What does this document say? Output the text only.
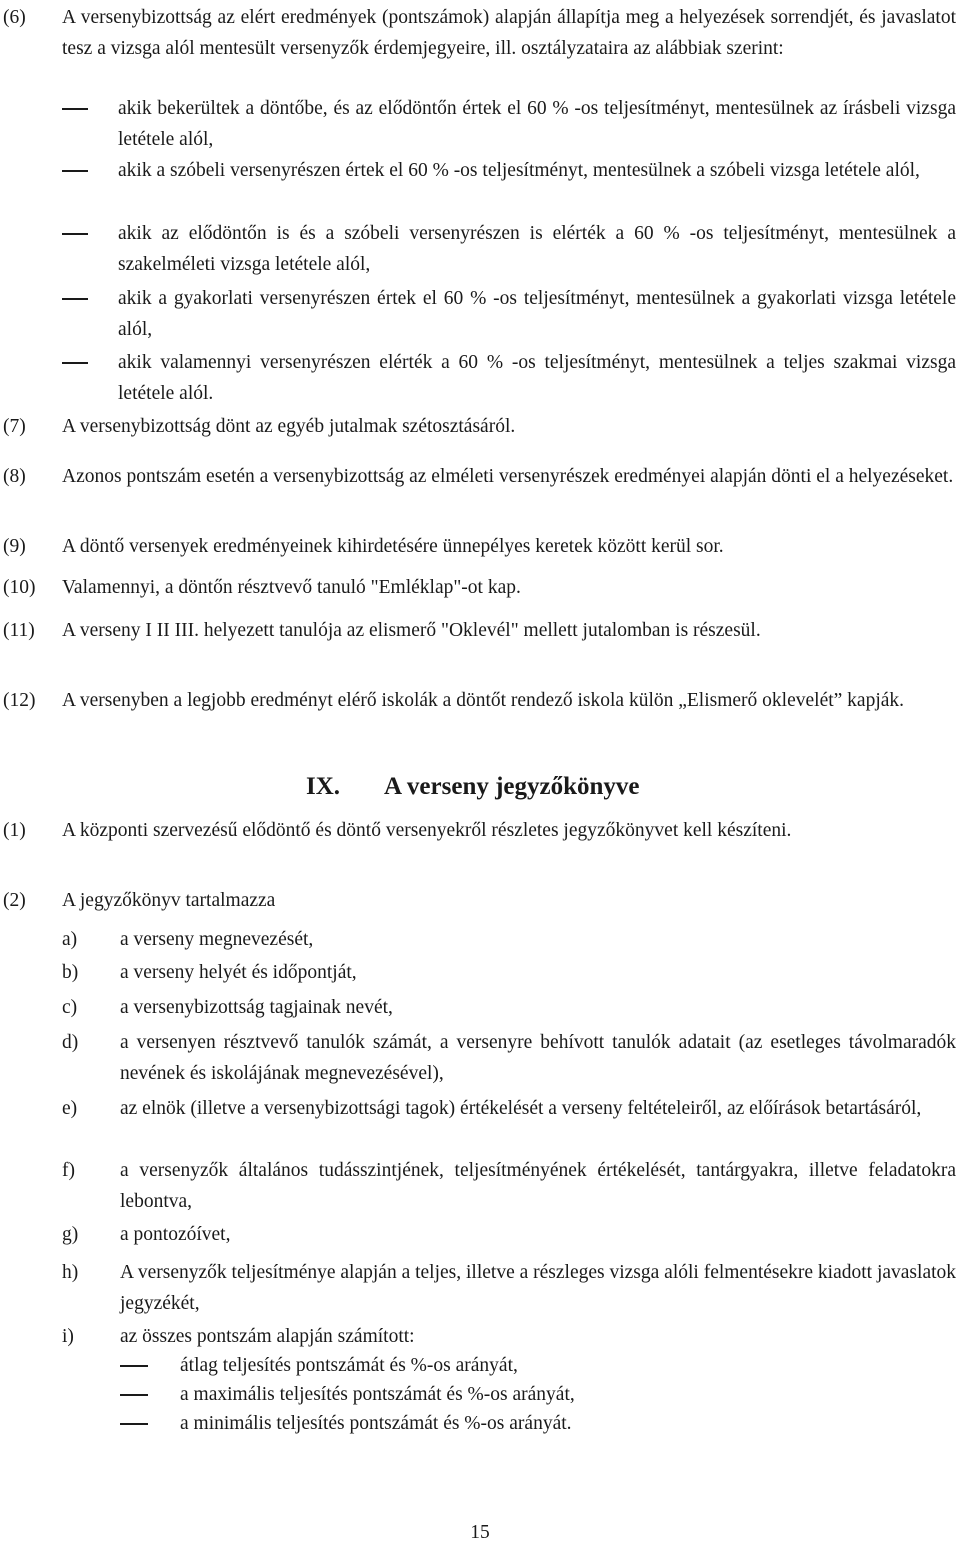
(6) A versenybizottság az elért eredmények (pontszámok) alapján állapítja meg a helyezések sorrendjét, és javaslatot tesz a vizsga alól mentesült versenyzők érdemjegyeire, ill. osztályzataira az alábbiak szerint:
akik bekerültek a döntőbe, és az elődöntőn értek el 60 % -os teljesítményt, mentesülnek az írásbeli vizsga letétele alól,
akik a szóbeli versenyrészen értek el 60 % -os teljesítményt, mentesülnek a szóbeli vizsga letétele alól,
akik az elődöntőn is és a szóbeli versenyrészen is elérték a 60 % -os teljesítményt, mentesülnek a szakelméleti vizsga letétele alól,
akik a gyakorlati versenyrészen értek el 60 % -os teljesítményt, mentesülnek a gyakorlati vizsga letétele alól,
akik valamennyi versenyrészen elérték a 60 % -os teljesítményt, mentesülnek a teljes szakmai vizsga letétele alól.
(7) A versenybizottság dönt az egyéb jutalmak szétosztásáról.
(8) Azonos pontszám esetén a versenybizottság az elméleti versenyrészek eredményei alapján dönti el a helyezéseket.
(9) A döntő versenyek eredményeinek kihirdetésére ünnepélyes keretek között kerül sor.
(10) Valamennyi, a döntőn résztvevő tanuló "Emléklap"-ot kap.
(11) A verseny I II III. helyezett tanulója az elismerő "Oklevél" mellett jutalomban is részesül.
(12) A versenyben a legjobb eredményt elérő iskolák a döntőt rendező iskola külön „Elismerő oklevelét” kapják.
IX. A verseny jegyzőkönyve
(1) A központi szervezésű elődöntő és döntő versenyekről részletes jegyzőkönyvet kell készíteni.
(2) A jegyzőkönyv tartalmazza
a) a verseny megnevezését,
b) a verseny helyét és időpontját,
c) a versenybizottság tagjainak nevét,
d) a versenyen résztvevő tanulók számát, a versenyre behívott tanulók adatait (az esetleges távolmaradók nevének és iskolájának megnevezésével),
e) az elnök (illetve a versenybizottsági tagok) értékelését a verseny feltételeiről, az előírások betartásáról,
f) a versenyzők általános tudásszintjének, teljesítményének értékelését, tantárgyakra, illetve feladatokra lebontva,
g) a pontozóívet,
h) A versenyzők teljesítménye alapján a teljes, illetve a részleges vizsga alóli felmentésekre kiadott javaslatok jegyzékét,
i) az összes pontszám alapján számított:
átlag teljesítés pontszámát és %-os arányát,
a maximális teljesítés pontszámát és %-os arányát,
a minimális teljesítés pontszámát és %-os arányát.
15
